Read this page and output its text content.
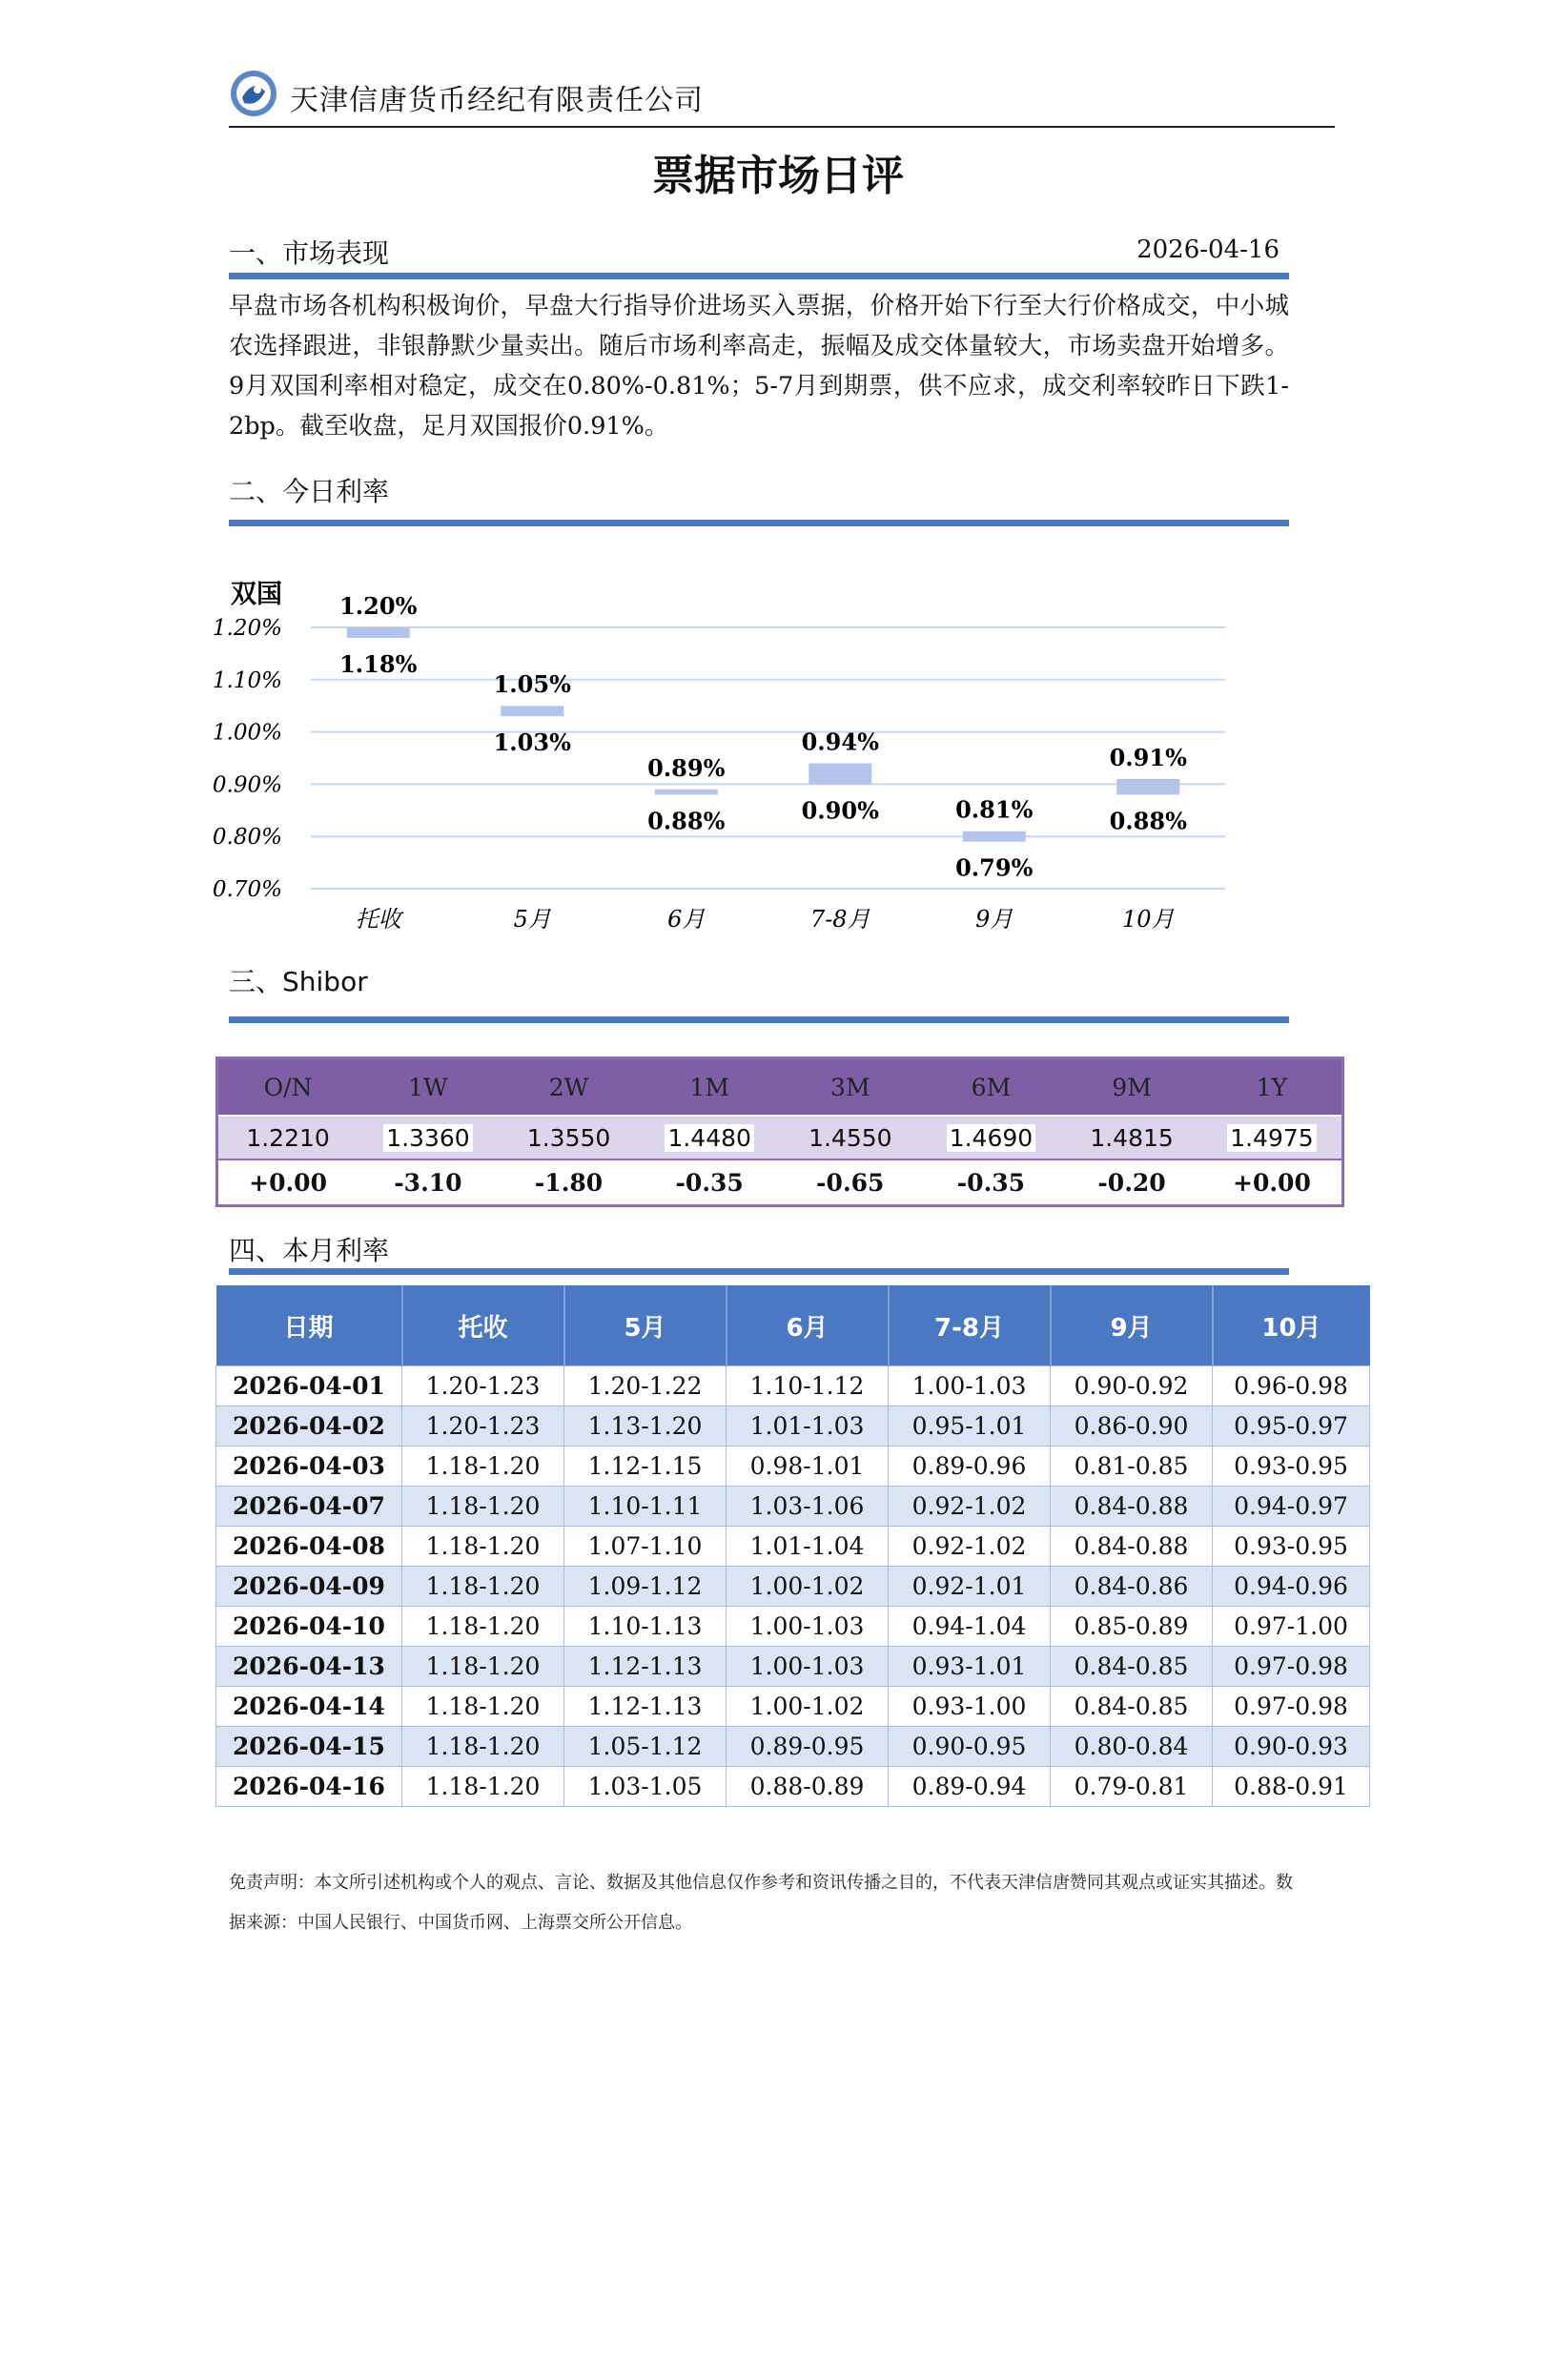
天津信唐货币经纪有限责任公司
票据市场日评
一、市场表现	2026-04-16
早盘市场各机构积极询价，早盘大行指导价进场买入票据，价格开始下行至大行价格成交，中小城农选择跟进，非银静默少量卖出。随后市场利率高走，振幅及成交体量较大，市场卖盘开始增多。9月双国利率相对稳定，成交在0.80%-0.81%；5-7月到期票，供不应求，成交利率较昨日下跌1-2bp。截至收盘，足月双国报价0.91%。
二、今日利率
双国
1.20%
1.10%
1.00%
0.90%
0.80%
0.70%
1.20%
1.18%
托收
1.05%
1.03%
5月
0.89%
0.88%
6月
0.94%
0.90%
7-8月
0.81%
0.79%
9月
0.91%
0.88%
10月
三、Shibor
O/N	1W	2W	1M	3M	6M	9M	1Y
1.2210	1.3360	1.3550	1.4480	1.4550	1.4690	1.4815	1.4975
+0.00	-3.10	-1.80	-0.35	-0.65	-0.35	-0.20	+0.00
四、本月利率
日期	托收	5月	6月	7-8月	9月	10月
2026-04-01	1.20-1.23	1.20-1.22	1.10-1.12	1.00-1.03	0.90-0.92	0.96-0.98
2026-04-02	1.20-1.23	1.13-1.20	1.01-1.03	0.95-1.01	0.86-0.90	0.95-0.97
2026-04-03	1.18-1.20	1.12-1.15	0.98-1.01	0.89-0.96	0.81-0.85	0.93-0.95
2026-04-07	1.18-1.20	1.10-1.11	1.03-1.06	0.92-1.02	0.84-0.88	0.94-0.97
2026-04-08	1.18-1.20	1.07-1.10	1.01-1.04	0.92-1.02	0.84-0.88	0.93-0.95
2026-04-09	1.18-1.20	1.09-1.12	1.00-1.02	0.92-1.01	0.84-0.86	0.94-0.96
2026-04-10	1.18-1.20	1.10-1.13	1.00-1.03	0.94-1.04	0.85-0.89	0.97-1.00
2026-04-13	1.18-1.20	1.12-1.13	1.00-1.03	0.93-1.01	0.84-0.85	0.97-0.98
2026-04-14	1.18-1.20	1.12-1.13	1.00-1.02	0.93-1.00	0.84-0.85	0.97-0.98
2026-04-15	1.18-1.20	1.05-1.12	0.89-0.95	0.90-0.95	0.80-0.84	0.90-0.93
2026-04-16	1.18-1.20	1.03-1.05	0.88-0.89	0.89-0.94	0.79-0.81	0.88-0.91
免责声明：本文所引述机构或个人的观点、言论、数据及其他信息仅作参考和资讯传播之目的，不代表天津信唐赞同其观点或证实其描述。数据来源：中国人民银行、中国货币网、上海票交所公开信息。
